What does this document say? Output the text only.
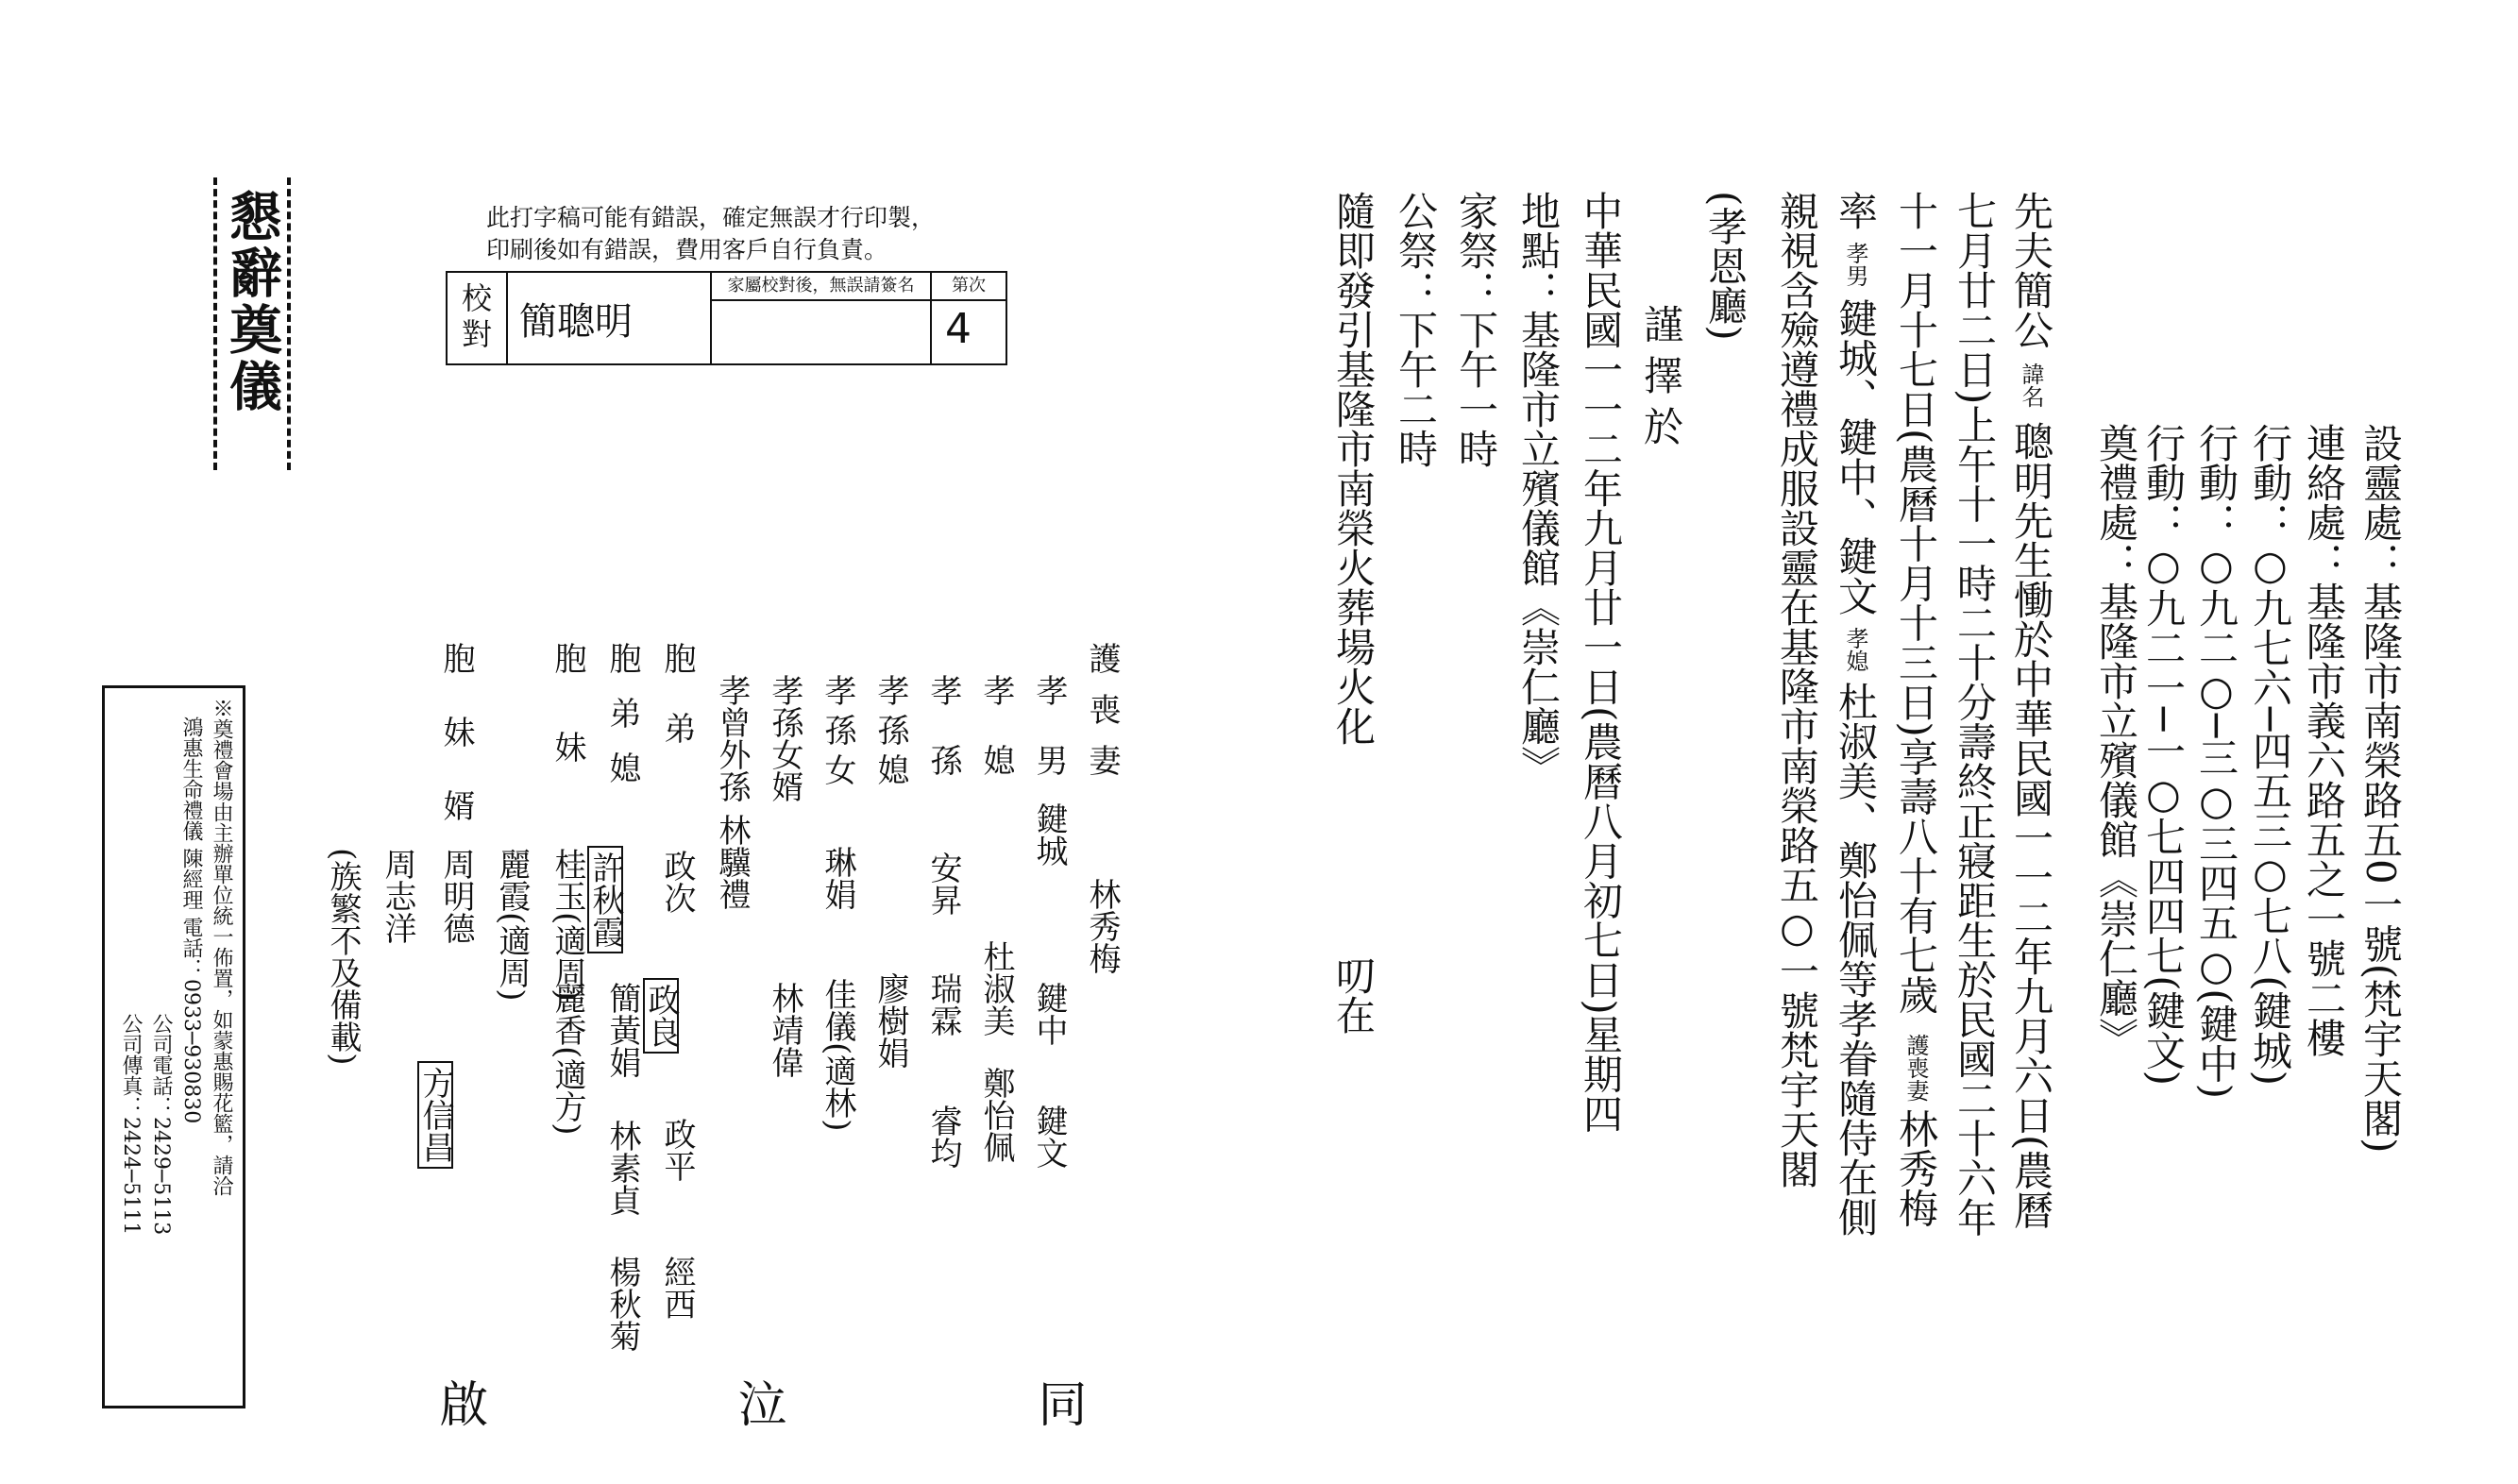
懇辭奠儀	此打字稿可能有錯誤，確定無誤才行印製，
印刷後如有錯誤，費用客戶自行負責。
校
對 簡聰明
家屬校對後，無誤請簽名	第次
4
設靈處：基隆市南榮路五0一號(梵宇天閣)
連絡處：基隆市義六路五之一號二樓
行動：○九七六─四五三○七八(鍵城)
行動：○九二○─三○三四五○(鍵中)
行動：○九二一─一○七四四七(鍵文)
奠禮處：基隆市立殯儀館《崇仁廳》
先夫簡公諱名聰明先生慟於中華民國一一二年九月六日(農曆
七月廿二日)上午十一時二十分壽終正寢距生於民國二十六年
十一月十七日(農曆十月十三日)享壽八十有七歲護喪妻林秀梅
率孝男鍵城、鍵中、鍵文孝媳杜淑美、鄭怡佩等孝眷隨侍在側
親視含殮遵禮成服設靈在基隆市南榮路五○一號梵宇天閣
(孝恩廳)
謹擇於
中華民國一一二年九月廿一日(農曆八月初七日)星期四
地點：基隆市立殯儀館《崇仁廳》
家祭：下午一時
公祭：下午二時
隨即發引基隆市南榮火葬場火化
叨在
護喪妻
林秀梅
孝男
鍵城
鍵中
鍵文
孝媳
杜淑美
鄭怡佩
孝孫
安昇
瑞霖
睿均
孝孫媳
廖樹娟
孝孫女
琳娟
佳儀(適林)
孝孫女婿
林靖偉
孝曾外孫
林驥禮
胞弟
政次
政良
政平
經西
胞弟媳
許秋霞
簡黃娟
林素貞
楊秋菊
胞妹
桂玉(適周)
麗香(適方)
麗霞(適周)
胞妹婿
周明德
方信昌
周志洋
(族繁不及備載)
同
泣
啟
※奠禮會場由主辦單位統一佈置，如蒙惠賜花籃，請洽
鴻惠生命禮儀 陳經理 電話：0933─930830
公司電話：2429─5113
公司傳真：2424─5111
